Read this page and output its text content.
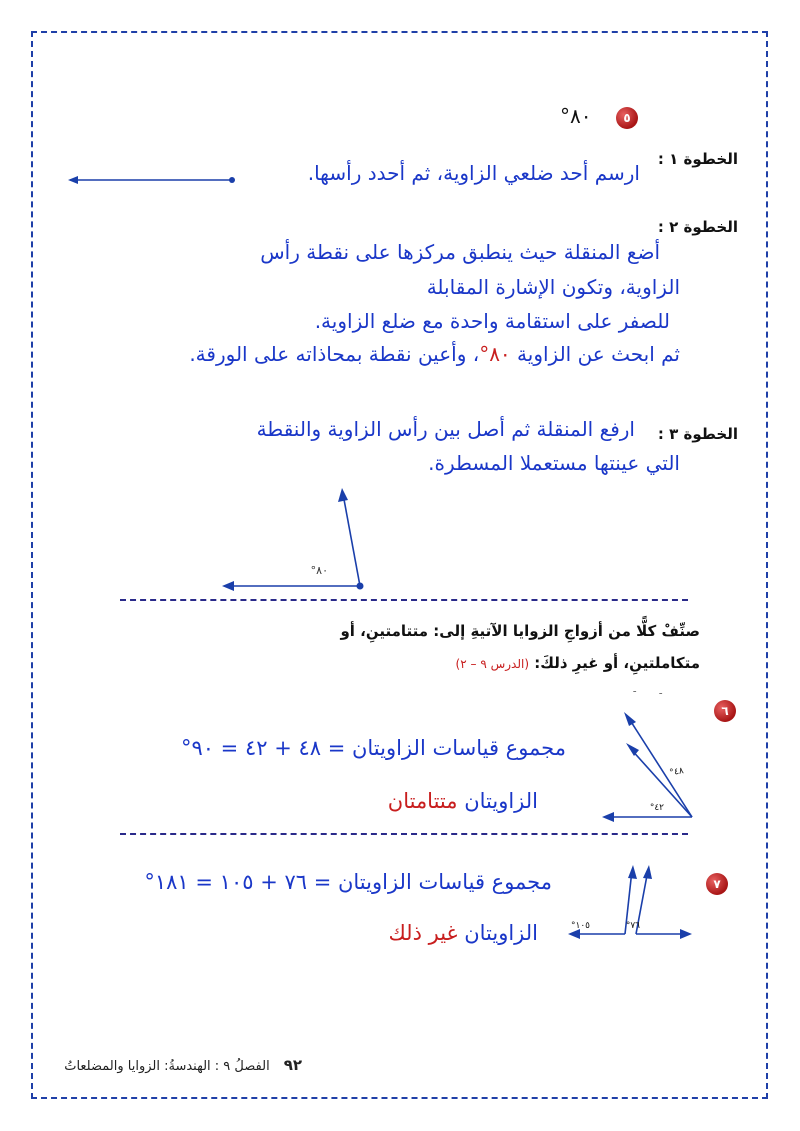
٥
٨٠°
الخطوة ١ :
ارسم أحد ضلعي الزاوية، ثم أحدد رأسها.
الخطوة ٢ :
أضع المنقلة حيث ينطبق مركزها على نقطة رأس
الزاوية، وتكون الإشارة المقابلة
للصفر على استقامة واحدة مع ضلع الزاوية.
ثم ابحث عن الزاوية ٨٠°، وأعين نقطة بمحاذاته على الورقة.
الخطوة ٣ :
ارفع المنقلة ثم أصل بين رأس الزاوية والنقطة
التي عينتها مستعملا المسطرة.
٨٠°
صنِّفْ كلًّا من أزواجِ الزوايا الآتيةِ إلى: متتامتينِ، أو
متكاملتينِ، أو غيرِ ذلكَ: (الدرس ٩ – ٢)
٦
ـ	ـ
٤٨°
٤٢°
مجموع قياسات الزاويتان = ٤٨ + ٤٢ = ٩٠°
الزاويتان متتامتان
٧
مجموع قياسات الزاويتان = ٧٦ + ١٠٥ = ١٨١°
١٠٥°	٧٦°
الزاويتان غير ذلك
٩٢الفصلُ ٩ : الهندسةُ: الزوايا والمضلعاتُ
